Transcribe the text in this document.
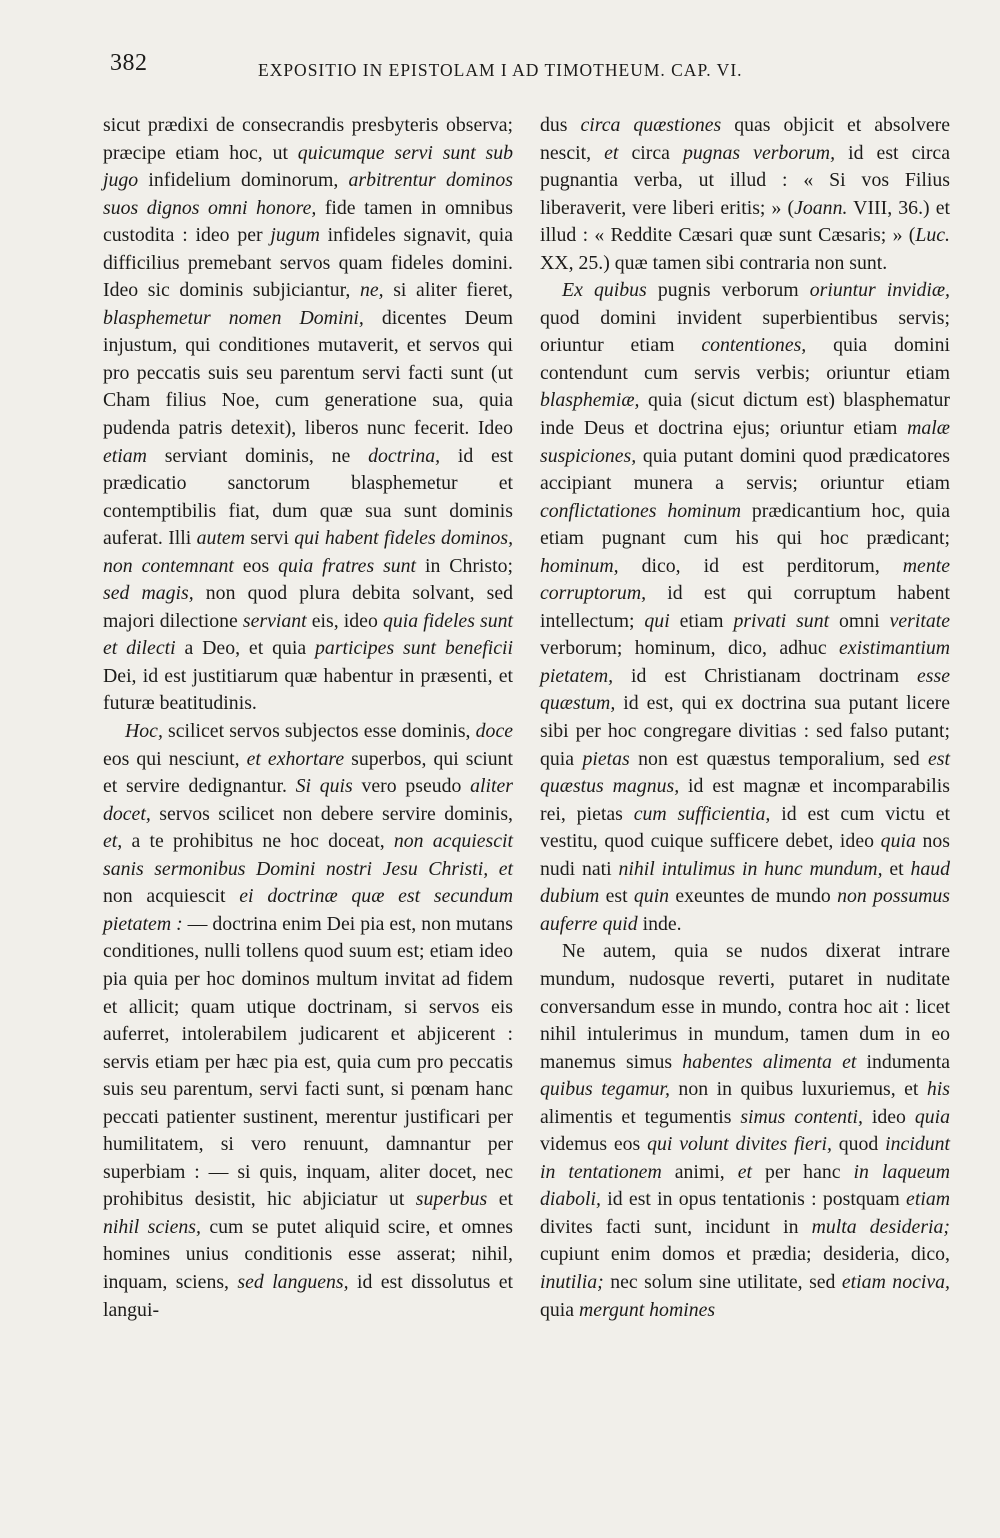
382	EXPOSITIO IN EPISTOLAM I AD TIMOTHEUM. CAP. VI.

sicut prædixi de consecrandis presbyteris observa; præcipe etiam hoc, ut quicumque servi sunt sub jugo infidelium dominorum, arbitrentur dominos suos dignos omni honore, fide tamen in omnibus custodita : ideo per jugum infideles signavit, quia difficilius premebant servos quam fideles domini. Ideo sic dominis subjiciantur, ne, si aliter fieret, blasphemetur nomen Domini, dicentes Deum injustum, qui conditiones mutaverit, et servos qui pro peccatis suis seu parentum servi facti sunt (ut Cham filius Noe, cum generatione sua, quia pudenda patris detexit), liberos nunc fecerit. Ideo etiam serviant dominis, ne doctrina, id est prædicatio sanctorum blasphemetur et contemptibilis fiat, dum quæ sua sunt dominis auferat. Illi autem servi qui habent fideles dominos, non contemnant eos quia fratres sunt in Christo; sed magis, non quod plura debita solvant, sed majori dilectione serviant eis, ideo quia fideles sunt et dilecti a Deo, et quia participes sunt beneficii Dei, id est justitiarum quæ habentur in præsenti, et futuræ beatitudinis.

Hoc, scilicet servos subjectos esse dominis, doce eos qui nesciunt, et exhortare superbos, qui sciunt et servire dedignantur. Si quis vero pseudo aliter docet, servos scilicet non debere servire dominis, et, a te prohibitus ne hoc doceat, non acquiescit sanis sermonibus Domini nostri Jesu Christi, et non acquiescit ei doctrinæ quæ est secundum pietatem : — doctrina enim Dei pia est, non mutans conditiones, nulli tollens quod suum est; etiam ideo pia quia per hoc dominos multum invitat ad fidem et allicit; quam utique doctrinam, si servos eis auferret, intolerabilem judicarent et abjicerent : servis etiam per hæc pia est, quia cum pro peccatis suis seu parentum, servi facti sunt, si pœnam hanc peccati patienter sustinent, merentur justificari per humilitatem, si vero renuunt, damnantur per superbiam : — si quis, inquam, aliter docet, nec prohibitus desistit, hic abjiciatur ut superbus et nihil sciens, cum se putet aliquid scire, et omnes homines unius conditionis esse asserat; nihil, inquam, sciens, sed languens, id est dissolutus et langui-

dus circa quæstiones quas objicit et absolvere nescit, et circa pugnas verborum, id est circa pugnantia verba, ut illud : « Si vos Filius liberaverit, vere liberi eritis; » (Joann. VIII, 36.) et illud : « Reddite Cæsari quæ sunt Cæsaris; » (Luc. XX, 25.) quæ tamen sibi contraria non sunt.

Ex quibus pugnis verborum oriuntur invidiæ, quod domini invident superbientibus servis; oriuntur etiam contentiones, quia domini contendunt cum servis verbis; oriuntur etiam blasphemiæ, quia (sicut dictum est) blasphematur inde Deus et doctrina ejus; oriuntur etiam malæ suspiciones, quia putant domini quod prædicatores accipiant munera a servis; oriuntur etiam conflictationes hominum prædicantium hoc, quia etiam pugnant cum his qui hoc prædicant; hominum, dico, id est perditorum, mente corruptorum, id est qui corruptum habent intellectum; qui etiam privati sunt omni veritate verborum; hominum, dico, adhuc existimantium pietatem, id est Christianam doctrinam esse quæstum, id est, qui ex doctrina sua putant licere sibi per hoc congregare divitias : sed falso putant; quia pietas non est quæstus temporalium, sed est quæstus magnus, id est magnæ et incomparabilis rei, pietas cum sufficientia, id est cum victu et vestitu, quod cuique sufficere debet, ideo quia nos nudi nati nihil intulimus in hunc mundum, et haud dubium est quin exeuntes de mundo non possumus auferre quid inde.

Ne autem, quia se nudos dixerat intrare mundum, nudosque reverti, putaret in nuditate conversandum esse in mundo, contra hoc ait : licet nihil intulerimus in mundum, tamen dum in eo manemus simus habentes alimenta et indumenta quibus tegamur, non in quibus luxuriemus, et his alimentis et tegumentis simus contenti, ideo quia videmus eos qui volunt divites fieri, quod incidunt in tentationem animi, et per hanc in laqueum diaboli, id est in opus tentationis : postquam etiam divites facti sunt, incidunt in multa desideria; cupiunt enim domos et prædia; desideria, dico, inutilia; nec solum sine utilitate, sed etiam nociva, quia mergunt homines
